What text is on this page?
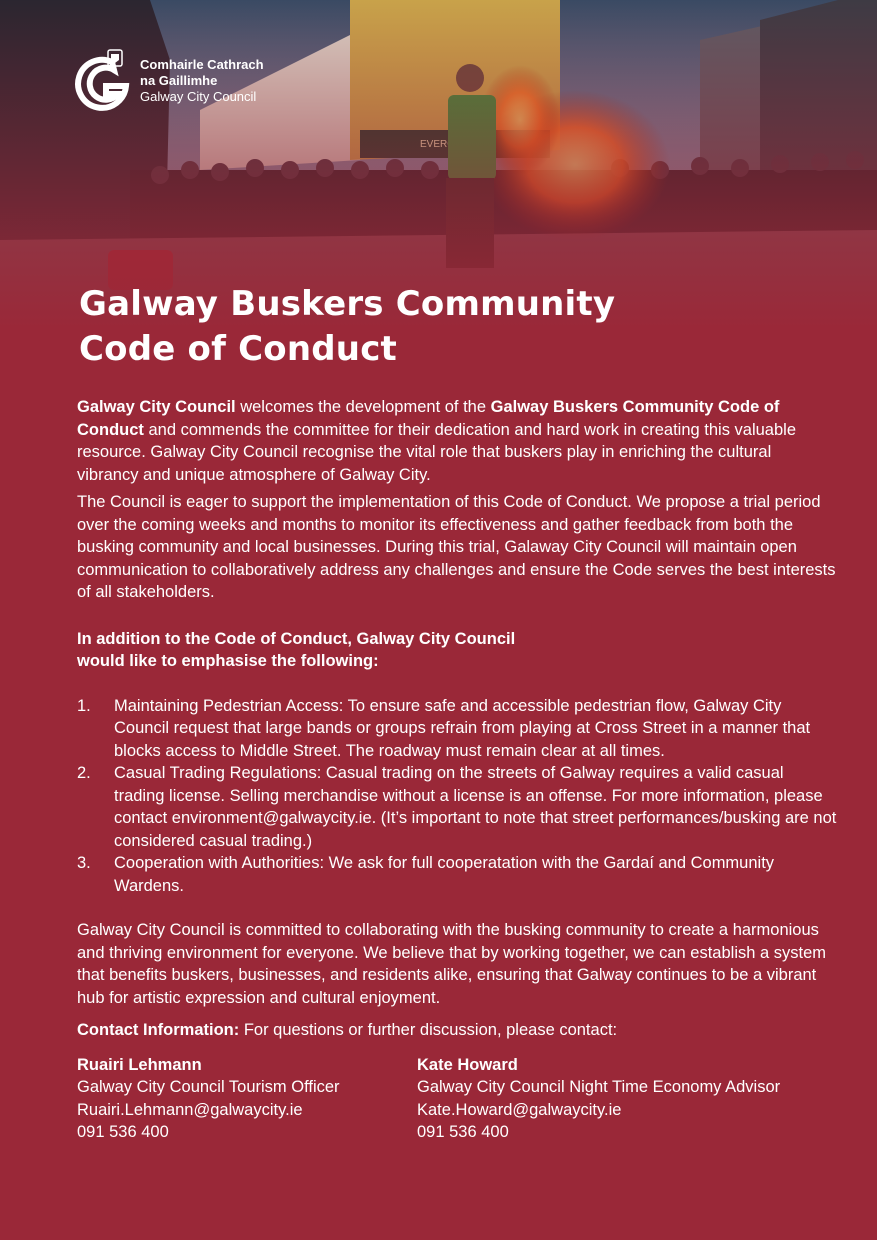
Comhairle Cathrach
na Gaillimhe
Galway City Council
Galway Buskers Community
Code of Conduct

Galway City Council welcomes the development of the Galway Buskers Community Code of Conduct and commends the committee for their dedication and hard work in creating this valuable resource. Galway City Council recognise the vital role that buskers play in enriching the cultural vibrancy and unique atmosphere of Galway City.

The Council is eager to support the implementation of this Code of Conduct. We propose a trial period over the coming weeks and months to monitor its effectiveness and gather feedback from both the busking community and local businesses. During this trial, Galaway City Council will maintain open communication to collaboratively address any challenges and ensure the Code serves the best interests of all stakeholders.

In addition to the Code of Conduct, Galway City Council
would like to emphasise the following:

1. Maintaining Pedestrian Access: To ensure safe and accessible pedestrian flow, Galway City Council request that large bands or groups refrain from playing at Cross Street in a manner that blocks access to Middle Street. The roadway must remain clear at all times.
2. Casual Trading Regulations: Casual trading on the streets of Galway requires a valid casual trading license. Selling merchandise without a license is an offense. For more information, please contact environment@galwaycity.ie. (It’s important to note that street performances/busking are not considered casual trading.)
3. Cooperation with Authorities: We ask for full cooperatation with the Gardaí and Community Wardens.

Galway City Council is committed to collaborating with the busking community to create a harmonious and thriving environment for everyone. We believe that by working together, we can establish a system that benefits buskers, businesses, and residents alike, ensuring that Galway continues to be a vibrant hub for artistic expression and cultural enjoyment.

Contact Information: For questions or further discussion, please contact:

Ruairi Lehmann
Galway City Council Tourism Officer
Ruairi.Lehmann@galwaycity.ie
091 536 400
Kate Howard
Galway City Council Night Time Economy Advisor
Kate.Howard@galwaycity.ie
091 536 400
